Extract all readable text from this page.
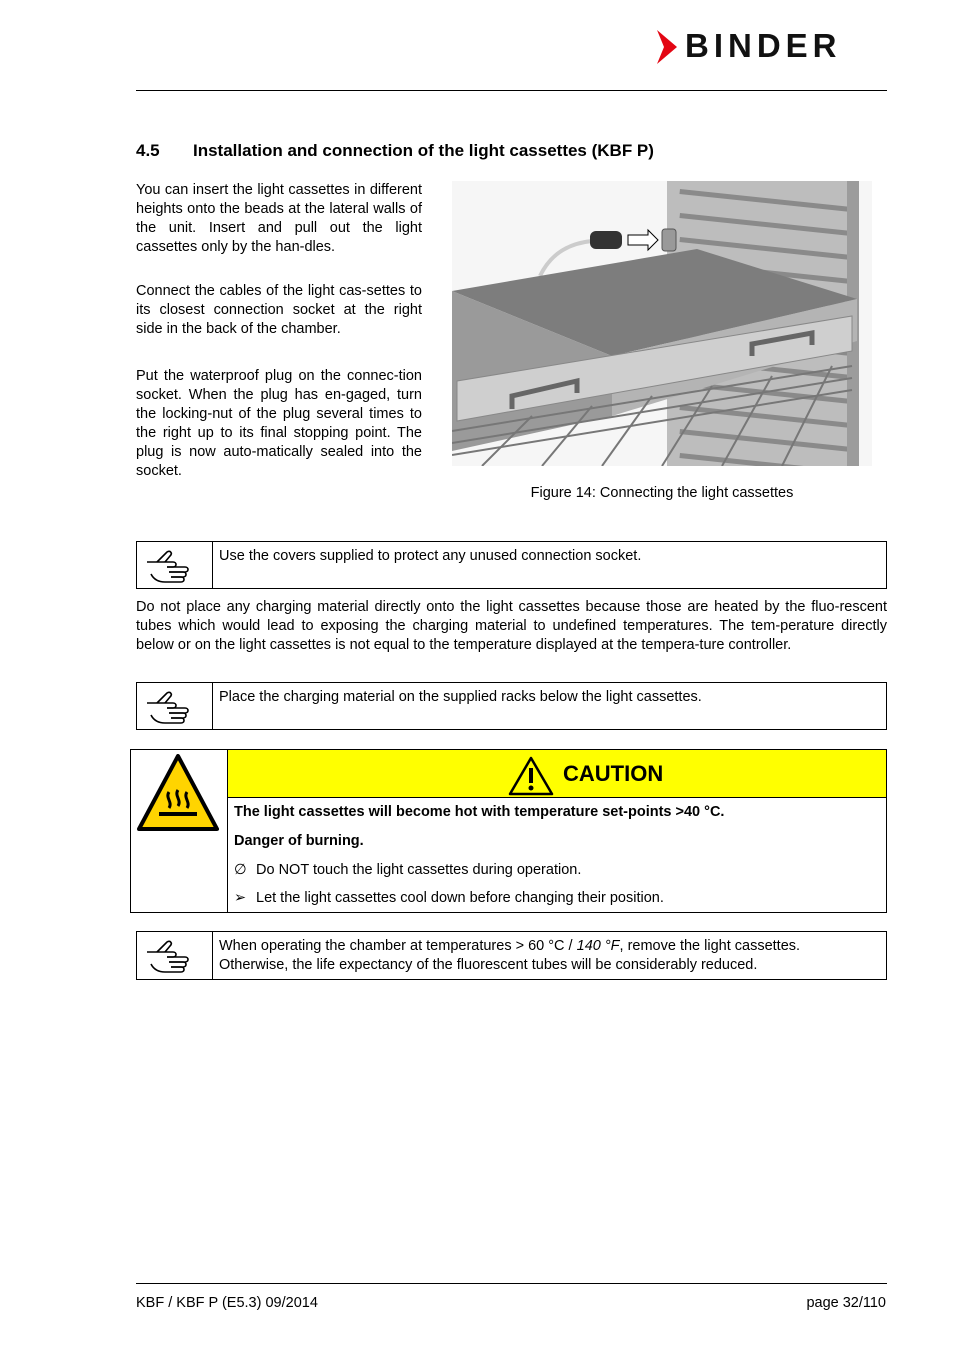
BINDER
4.5 Installation and connection of the light cassettes (KBF P)
You can insert the light cassettes in different heights onto the beads at the lateral walls of the unit. Insert and pull out the light cassettes only by the han-dles.
Connect the cables of the light cas-settes to its closest connection socket at the right side in the back of the chamber.
Put the waterproof plug on the connec-tion socket. When the plug has en-gaged, turn the locking-nut of the plug several times to the right up to its final stopping point. The plug is now auto-matically sealed into the socket.
Figure 14: Connecting the light cassettes
Use the covers supplied to protect any unused connection socket.
Do not place any charging material directly onto the light cassettes because those are heated by the fluo-rescent tubes which would lead to exposing the charging material to undefined temperatures. The tem-perature directly below or on the light cassettes is not equal to the temperature displayed at the tempera-ture controller.
Place the charging material on the supplied racks below the light cassettes.
CAUTION
The light cassettes will become hot with temperature set-points >40 °C.
Danger of burning.
∅ Do NOT touch the light cassettes during operation.
➢ Let the light cassettes cool down before changing their position.
When operating the chamber at temperatures > 60 °C / 140 °F, remove the light cassettes.
Otherwise, the life expectancy of the fluorescent tubes will be considerably reduced.
KBF / KBF P (E5.3) 09/2014	page 32/110
